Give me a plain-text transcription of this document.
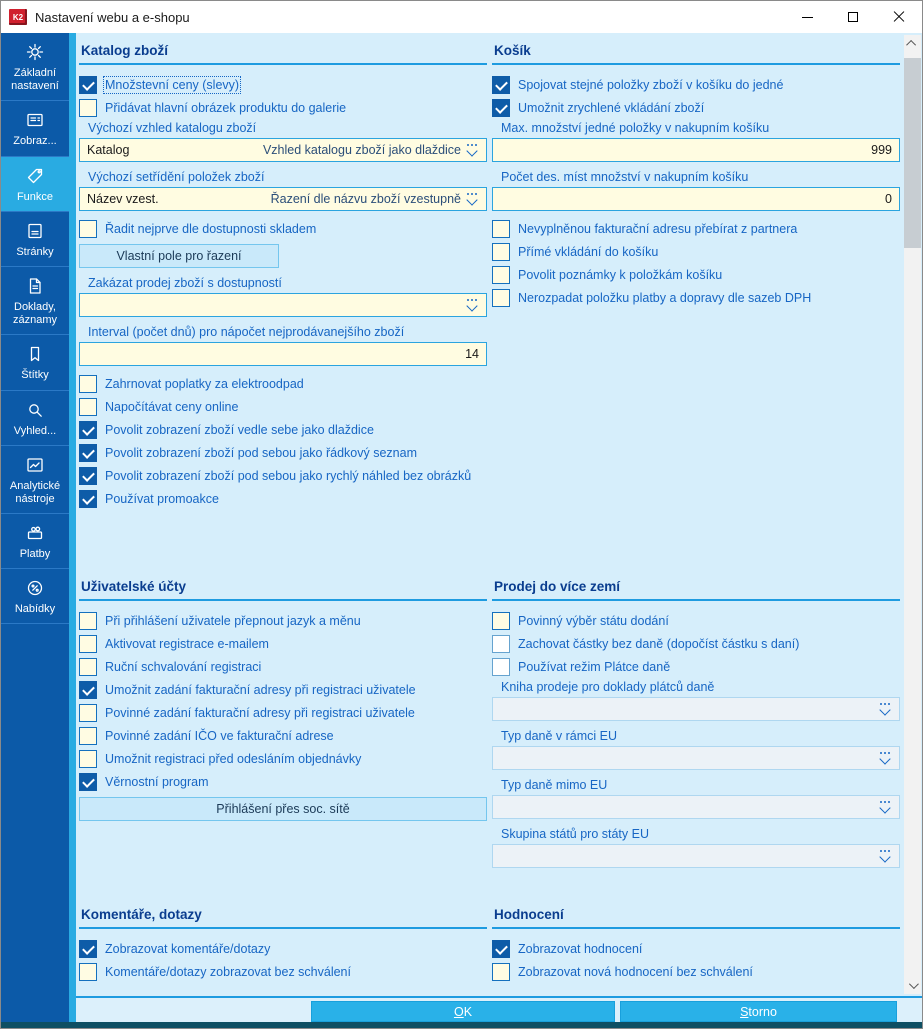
K2 Nastavení webu a e-shopu
Základní nastavení
Zobraz...
Funkce
Stránky
Doklady, záznamy
Štítky
Vyhled...
Analytické nástroje
Platby
Nabídky
Katalog zboží
Množstevní ceny (slevy)
Přidávat hlavní obrázek produktu do galerie
Výchozí vzhled katalogu zboží
Katalog	Vzhled katalogu zboží jako dlaždice
Výchozí setřídění položek zboží
Název vzest.	Řazení dle názvu zboží vzestupně
Řadit nejprve dle dostupnosti skladem
Vlastní pole pro řazení
Zakázat prodej zboží s dostupností
Interval (počet dnů) pro nápočet nejprodávanejšího zboží
14
Zahrnovat poplatky za elektroodpad
Napočítávat ceny online
Povolit zobrazení zboží vedle sebe jako dlaždice
Povolit zobrazení zboží pod sebou jako řádkový seznam
Povolit zobrazení zboží pod sebou jako rychlý náhled bez obrázků
Používat promoakce
Uživatelské účty
Při přihlášení uživatele přepnout jazyk a měnu
Aktivovat registrace e-mailem
Ruční schvalování registraci
Umožnit zadání fakturační adresy při registraci uživatele
Povinné zadání fakturační adresy při registraci uživatele
Povinné zadání IČO ve fakturační adrese
Umožnit registraci před odesláním objednávky
Věrnostní program
Přihlášení přes soc. sítě
Komentáře, dotazy
Zobrazovat komentáře/dotazy
Komentáře/dotazy zobrazovat bez schválení
Košík
Spojovat stejné položky zboží v košíku do jedné
Umožnit zrychlené vkládání zboží
Max. množství jedné položky v nakupním košíku
999
Počet des. míst množství v nakupním košíku
0
Nevyplněnou fakturační adresu přebírat z partnera
Přímé vkládání do košíku
Povolit poznámky k položkám košíku
Nerozpadat položku platby a dopravy dle sazeb DPH
Prodej do více zemí
Povinný výběr státu dodání
Zachovat částky bez daně (dopočíst částku s daní)
Používat režim Plátce daně
Kniha prodeje pro doklady plátců daně
Typ daně v rámci EU
Typ daně mimo EU
Skupina států pro státy EU
Hodnocení
Zobrazovat hodnocení
Zobrazovat nová hodnocení bez schválení
OK	Storno
